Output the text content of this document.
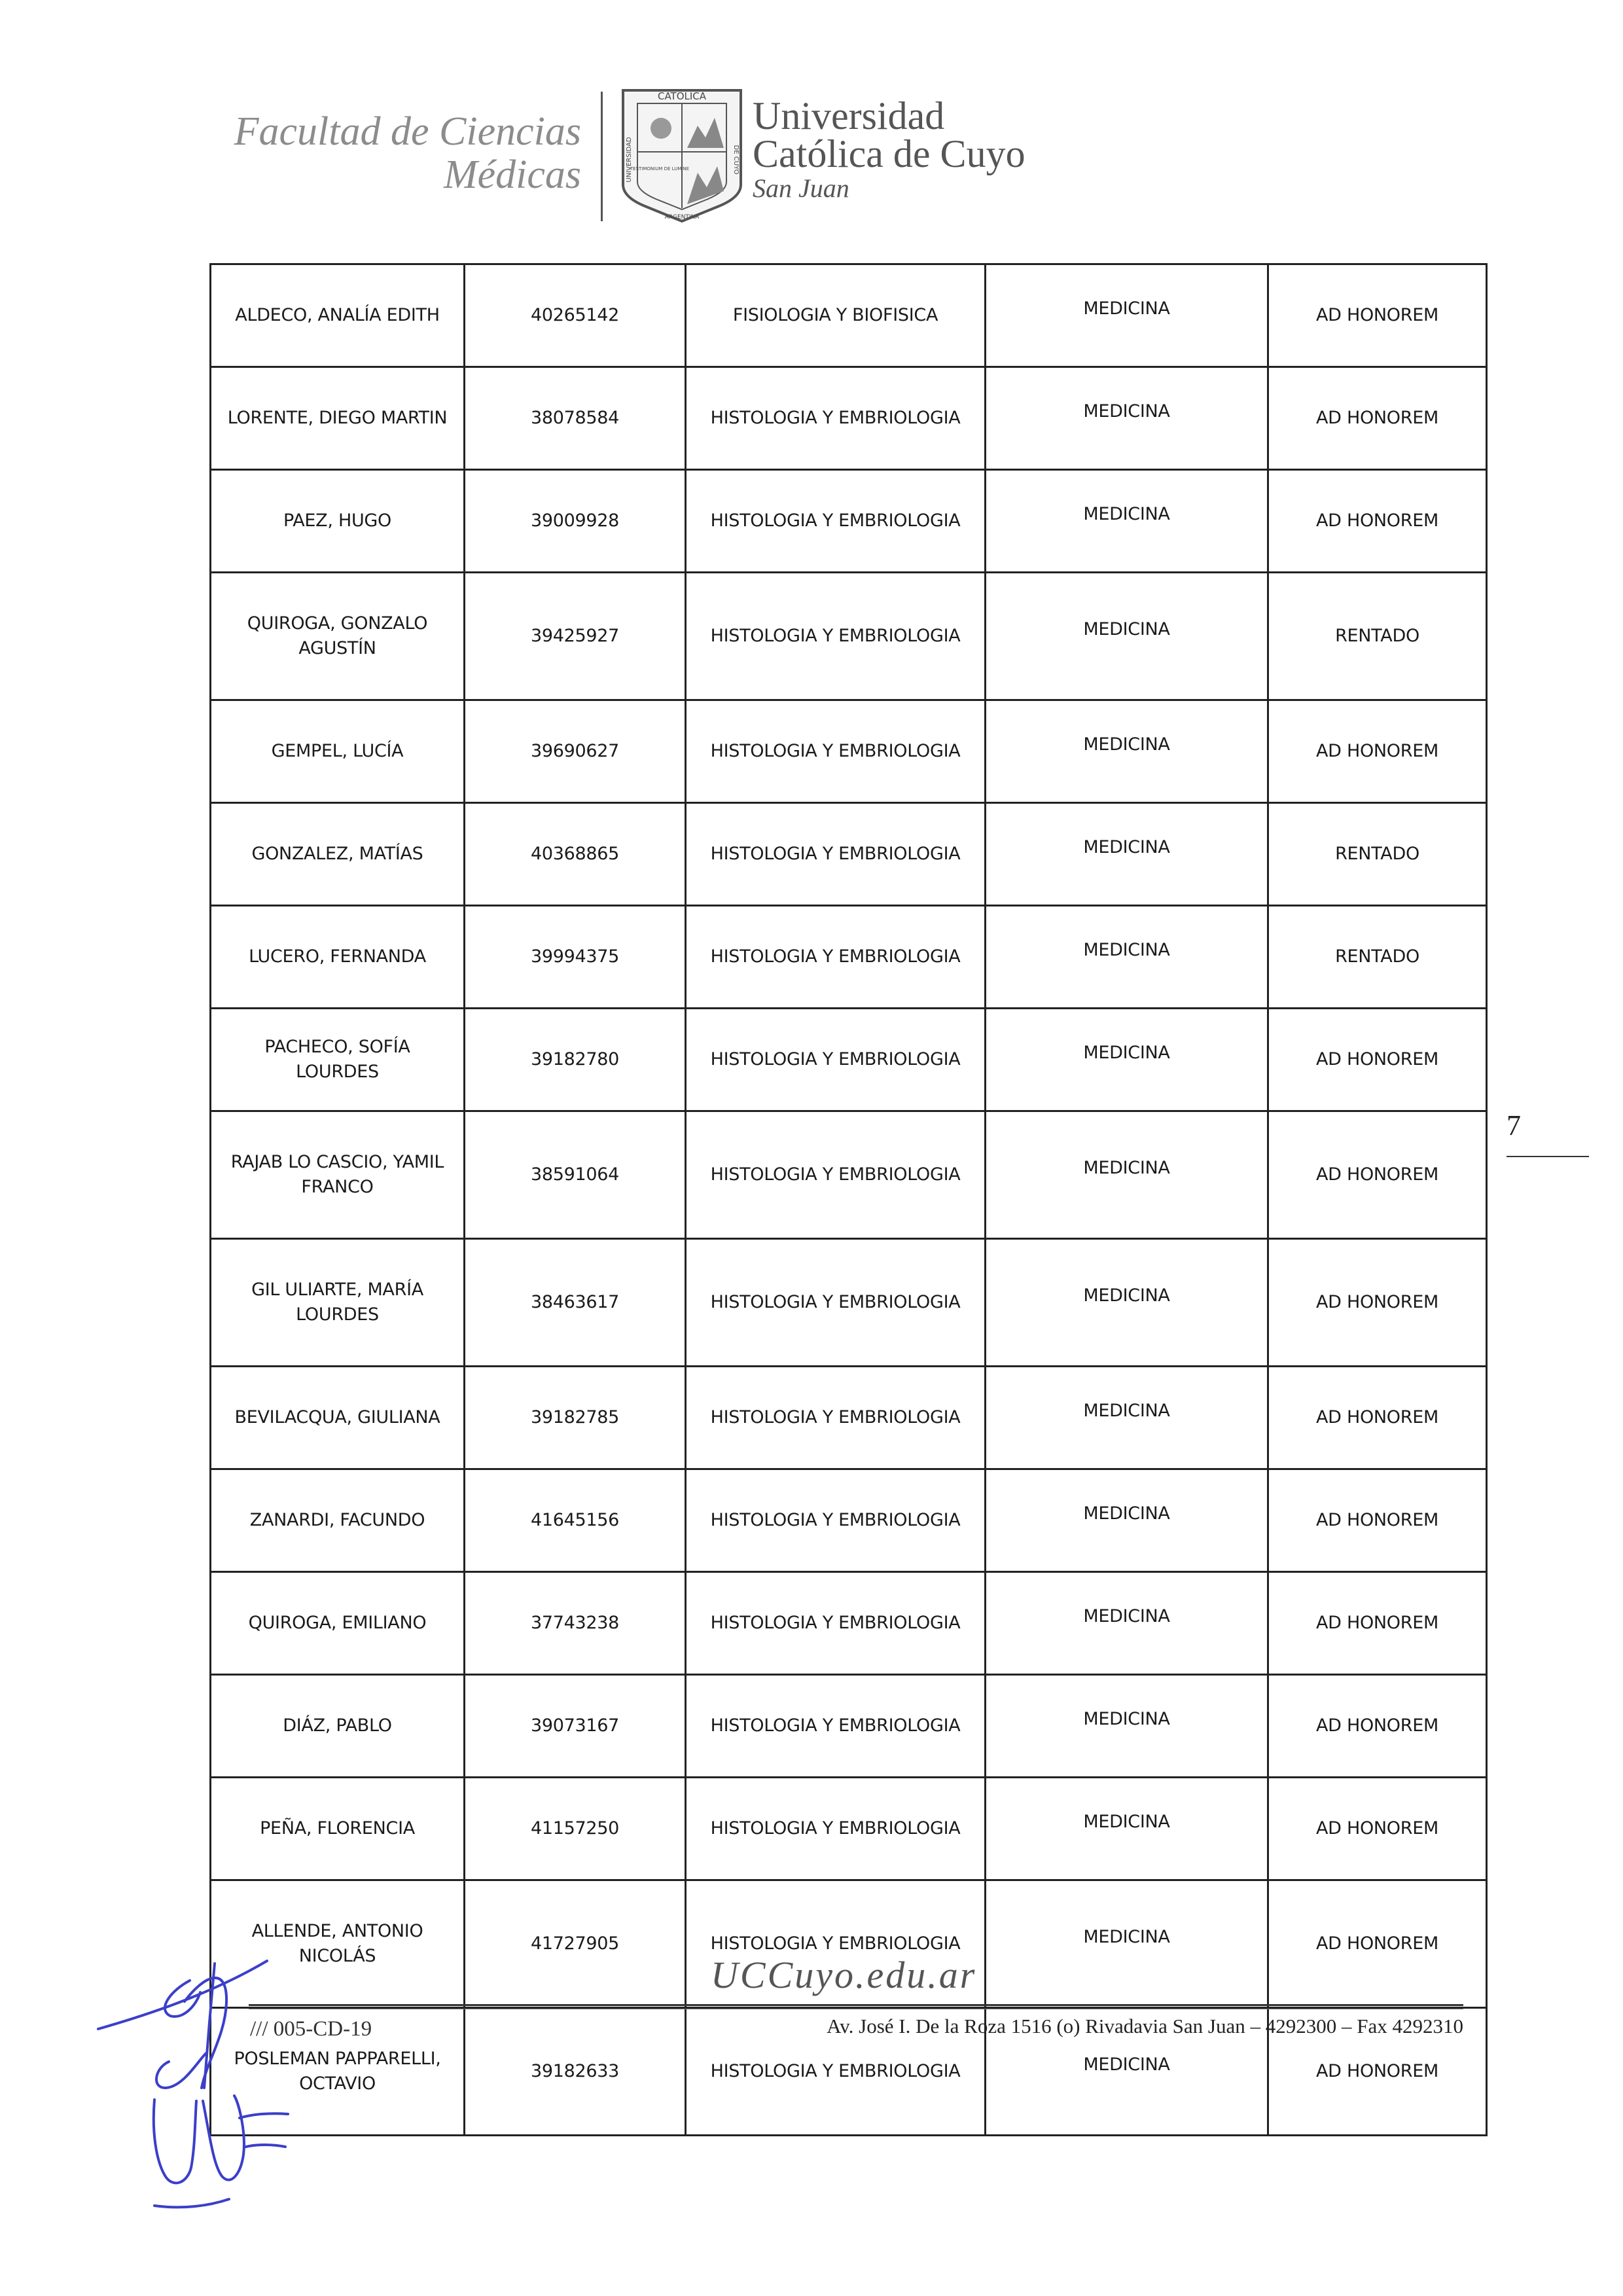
Facultad de Ciencias
Médicas
CATOLICA
ARGENTINA
TESTIMONIUM DE LUMINE
UNIVERSIDAD	DE CUYO
Universidad
Católica de Cuyo
San Juan
ALDECO, ANALÍA EDITH	40265142	FISIOLOGIA Y BIOFISICA	MEDICINA	AD HONOREM
LORENTE, DIEGO MARTIN	38078584	HISTOLOGIA Y EMBRIOLOGIA	MEDICINA	AD HONOREM
PAEZ, HUGO	39009928	HISTOLOGIA Y EMBRIOLOGIA	MEDICINA	AD HONOREM
QUIROGA, GONZALO AGUSTÍN	39425927	HISTOLOGIA Y EMBRIOLOGIA	MEDICINA	RENTADO
GEMPEL, LUCÍA	39690627	HISTOLOGIA Y EMBRIOLOGIA	MEDICINA	AD HONOREM
GONZALEZ, MATÍAS	40368865	HISTOLOGIA Y EMBRIOLOGIA	MEDICINA	RENTADO
LUCERO, FERNANDA	39994375	HISTOLOGIA Y EMBRIOLOGIA	MEDICINA	RENTADO
PACHECO, SOFÍA LOURDES	39182780	HISTOLOGIA Y EMBRIOLOGIA	MEDICINA	AD HONOREM
RAJAB LO CASCIO, YAMIL FRANCO	38591064	HISTOLOGIA Y EMBRIOLOGIA	MEDICINA	AD HONOREM
GIL ULIARTE, MARÍA LOURDES	38463617	HISTOLOGIA Y EMBRIOLOGIA	MEDICINA	AD HONOREM
BEVILACQUA, GIULIANA	39182785	HISTOLOGIA Y EMBRIOLOGIA	MEDICINA	AD HONOREM
ZANARDI, FACUNDO	41645156	HISTOLOGIA Y EMBRIOLOGIA	MEDICINA	AD HONOREM
QUIROGA, EMILIANO	37743238	HISTOLOGIA Y EMBRIOLOGIA	MEDICINA	AD HONOREM
DIÁZ, PABLO	39073167	HISTOLOGIA Y EMBRIOLOGIA	MEDICINA	AD HONOREM
PEÑA, FLORENCIA	41157250	HISTOLOGIA Y EMBRIOLOGIA	MEDICINA	AD HONOREM
ALLENDE, ANTONIO NICOLÁS	41727905	HISTOLOGIA Y EMBRIOLOGIA	MEDICINA	AD HONOREM
POSLEMAN PAPPARELLI, OCTAVIO	39182633	HISTOLOGIA Y EMBRIOLOGIA	MEDICINA	AD HONOREM
7
UCCuyo.edu.ar
/// 005-CD-19	Av. José I. De la Roza 1516 (o) Rivadavia San Juan – 4292300 – Fax 4292310
